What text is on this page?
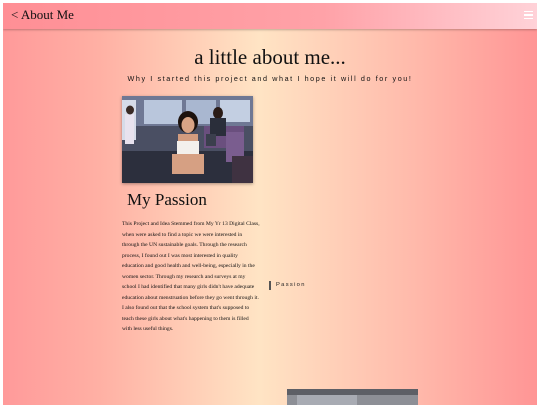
< About Me
a little about me...
Why I started this project and what I hope it will do for you!
My Passion

This Project and Idea Stemmed from My Yr 13 Digital Class, when were asked to find a topic we were interested in through the UN sustainable goals. Through the research process, I found out I was most interested in quality education and good health and well-being, especially in the women sector. Through my research and surveys at my school I had identified that many girls didn't have adequate education about menstruation before they go went through it. I also found out that the school system that's supposed to teach these girls about what's happening to them is filled with less useful things.

Passion
